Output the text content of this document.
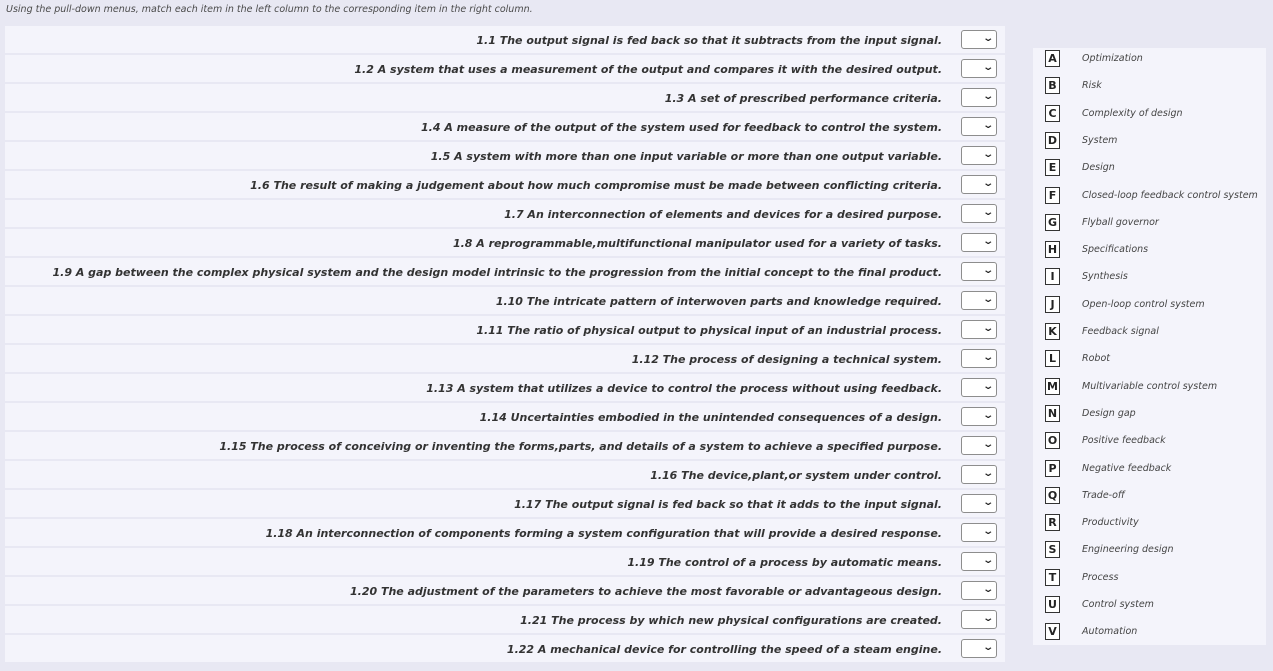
Using the pull-down menus, match each item in the left column to the corresponding item in the right column.
1.1 The output signal is fed back so that it subtracts from the input signal.	⌄
1.2 A system that uses a measurement of the output and compares it with the desired output.	⌄
1.3 A set of prescribed performance criteria.	⌄
1.4 A measure of the output of the system used for feedback to control the system.	⌄
1.5 A system with more than one input variable or more than one output variable.	⌄
1.6 The result of making a judgement about how much compromise must be made between conflicting criteria.	⌄
1.7 An interconnection of elements and devices for a desired purpose.	⌄
1.8 A reprogrammable,multifunctional manipulator used for a variety of tasks.	⌄
1.9 A gap between the complex physical system and the design model intrinsic to the progression from the initial concept to the final product.	⌄
1.10 The intricate pattern of interwoven parts and knowledge required.	⌄
1.11 The ratio of physical output to physical input of an industrial process.	⌄
1.12 The process of designing a technical system.	⌄
1.13 A system that utilizes a device to control the process without using feedback.	⌄
1.14 Uncertainties embodied in the unintended consequences of a design.	⌄
1.15 The process of conceiving or inventing the forms,parts, and details of a system to achieve a specified purpose.	⌄
1.16 The device,plant,or system under control.	⌄
1.17 The output signal is fed back so that it adds to the input signal.	⌄
1.18 An interconnection of components forming a system configuration that will provide a desired response.	⌄
1.19 The control of a process by automatic means.	⌄
1.20 The adjustment of the parameters to achieve the most favorable or advantageous design.	⌄
1.21 The process by which new physical configurations are created.	⌄
1.22 A mechanical device for controlling the speed of a steam engine.	⌄
A	Optimization
B	Risk
C	Complexity of design
D	System
E	Design
F	Closed-loop feedback control system
G	Flyball governor
H	Specifications
I	Synthesis
J	Open-loop control system
K	Feedback signal
L	Robot
M	Multivariable control system
N	Design gap
O	Positive feedback
P	Negative feedback
Q	Trade-off
R	Productivity
S	Engineering design
T	Process
U	Control system
V	Automation
